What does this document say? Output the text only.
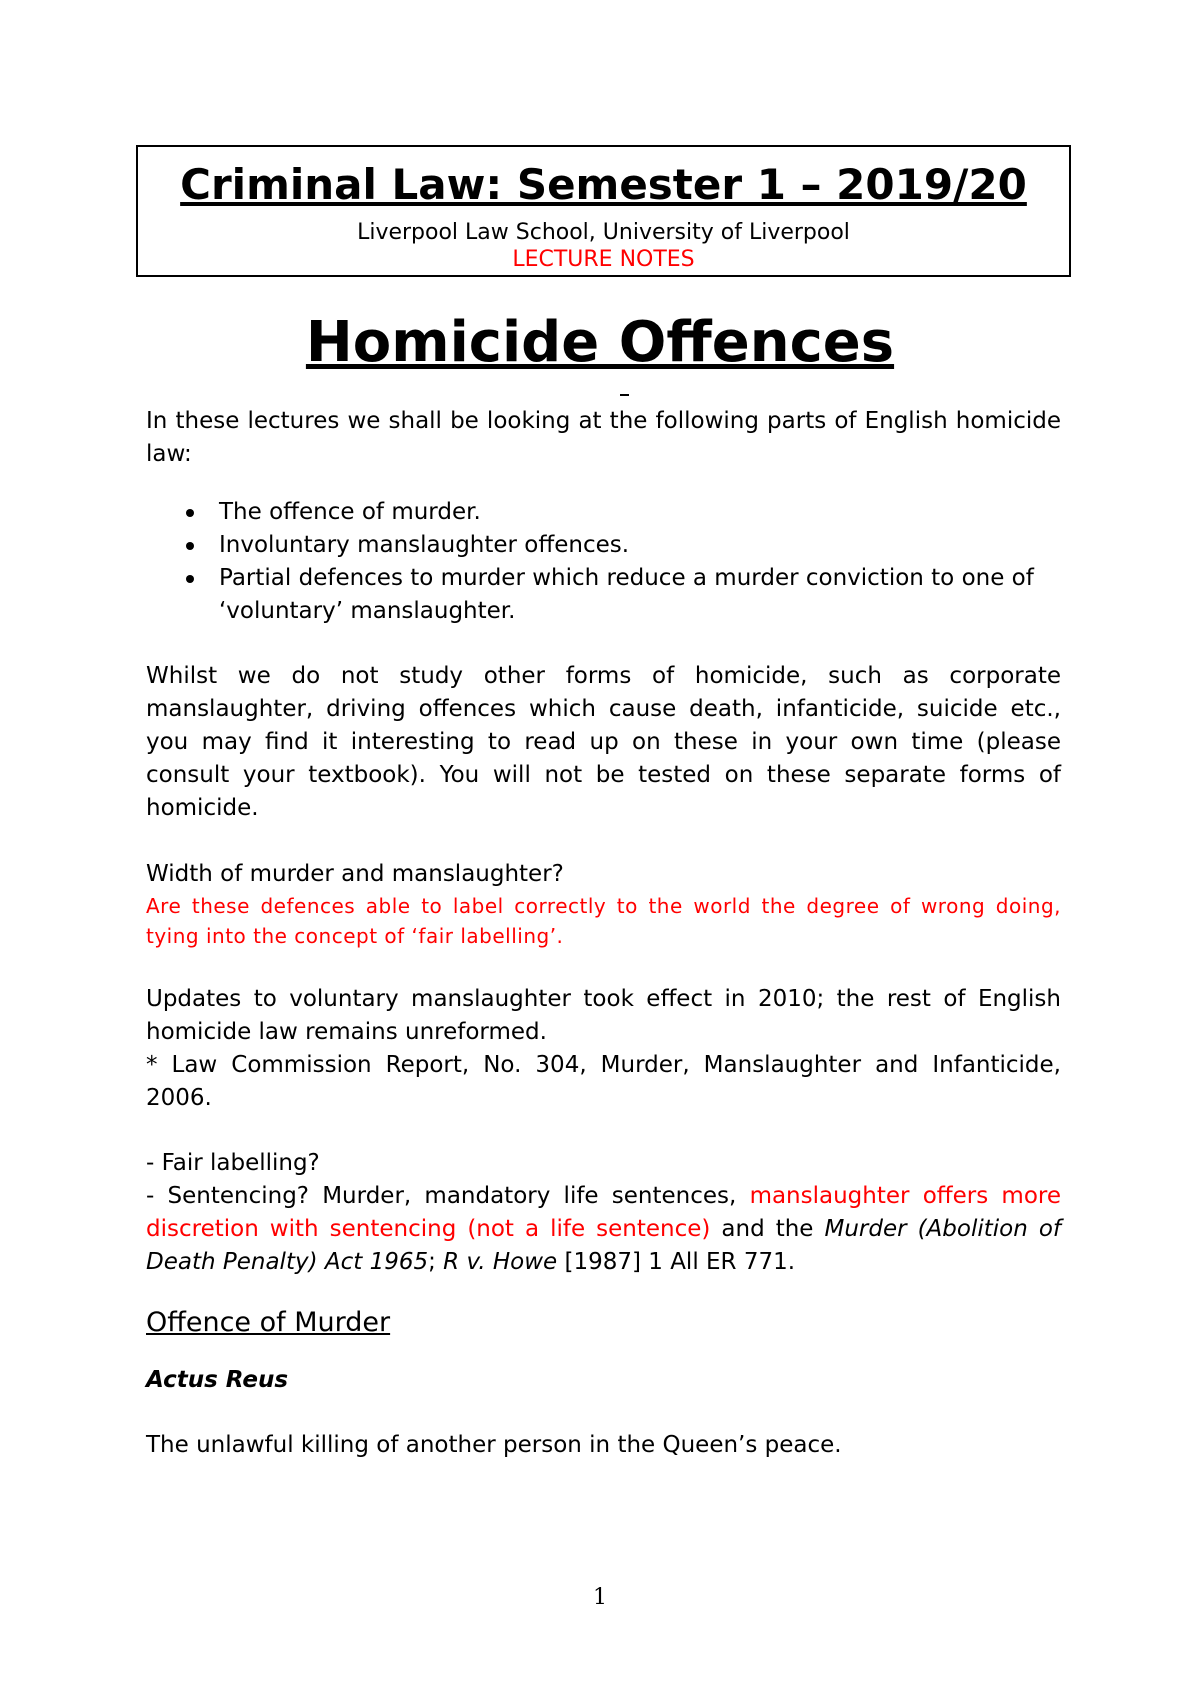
Criminal Law: Semester 1 – 2019/20
Liverpool Law School, University of Liverpool
LECTURE NOTES
Homicide Offences

In these lectures we shall be looking at the following parts of English homicide law:

The offence of murder.
Involuntary manslaughter offences.
Partial defences to murder which reduce a murder conviction to one of ‘voluntary’ manslaughter.

Whilst we do not study other forms of homicide, such as corporate manslaughter, driving offences which cause death, infanticide, suicide etc., you may find it interesting to read up on these in your own time (please consult your textbook). You will not be tested on these separate forms of homicide.

Width of murder and manslaughter?

Are these defences able to label correctly to the world the degree of wrong doing, tying into the concept of ‘fair labelling’.

Updates to voluntary manslaughter took effect in 2010; the rest of English homicide law remains unreformed.

* Law Commission Report, No. 304, Murder, Manslaughter and Infanticide, 2006.

- Fair labelling?

- Sentencing? Murder, mandatory life sentences, manslaughter offers more discretion with sentencing (not a life sentence) and the Murder (Abolition of Death Penalty) Act 1965; R v. Howe [1987] 1 All ER 771.

Offence of Murder

Actus Reus

The unlawful killing of another person in the Queen’s peace.

1
